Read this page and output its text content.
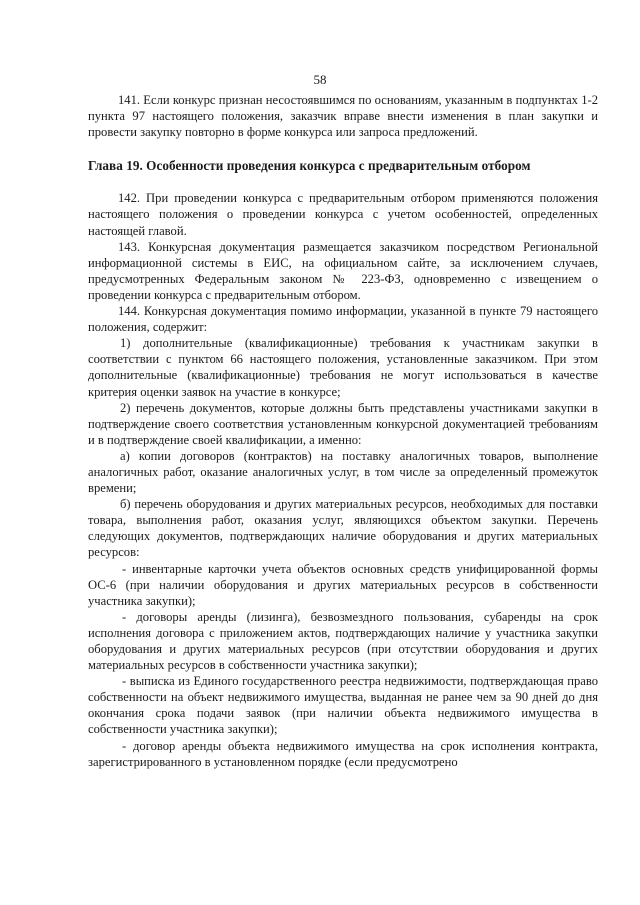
58

141. Если конкурс признан несостоявшимся по основаниям, указанным в подпунктах 1-2 пункта 97 настоящего положения, заказчик вправе внести изменения в план закупки и провести закупку повторно в форме конкурса или запроса предложений.

Глава 19. Особенности проведения конкурса с предварительным отбором

142. При проведении конкурса с предварительным отбором применяются положения настоящего положения о проведении конкурса с учетом особенностей, определенных настоящей главой.

143. Конкурсная документация размещается заказчиком посредством Региональной информационной системы в ЕИС, на официальном сайте, за исключением случаев, предусмотренных Федеральным законом № 223-ФЗ, одновременно с извещением о проведении конкурса с предварительным отбором.

144. Конкурсная документация помимо информации, указанной в пункте 79 настоящего положения, содержит:

1) дополнительные (квалификационные) требования к участникам закупки в соответствии с пунктом 66 настоящего положения, установленные заказчиком. При этом дополнительные (квалификационные) требования не могут использоваться в качестве критерия оценки заявок на участие в конкурсе;

2) перечень документов, которые должны быть представлены участниками закупки в подтверждение своего соответствия установленным конкурсной документацией требованиям и в подтверждение своей квалификации, а именно:

а) копии договоров (контрактов) на поставку аналогичных товаров, выполнение аналогичных работ, оказание аналогичных услуг, в том числе за определенный промежуток времени;

б) перечень оборудования и других материальных ресурсов, необходимых для поставки товара, выполнения работ, оказания услуг, являющихся объектом закупки. Перечень следующих документов, подтверждающих наличие оборудования и других материальных ресурсов:

- инвентарные карточки учета объектов основных средств унифицированной формы ОС-6 (при наличии оборудования и других материальных ресурсов в собственности участника закупки);

- договоры аренды (лизинга), безвозмездного пользования, субаренды на срок исполнения договора с приложением актов, подтверждающих наличие у участника закупки оборудования и других материальных ресурсов (при отсутствии оборудования и других материальных ресурсов в собственности участника закупки);

- выписка из Единого государственного реестра недвижимости, подтверждающая право собственности на объект недвижимого имущества, выданная не ранее чем за 90 дней до дня окончания срока подачи заявок (при наличии объекта недвижимого имущества в собственности участника закупки);

- договор аренды объекта недвижимого имущества на срок исполнения контракта, зарегистрированного в установленном порядке (если предусмотрено
